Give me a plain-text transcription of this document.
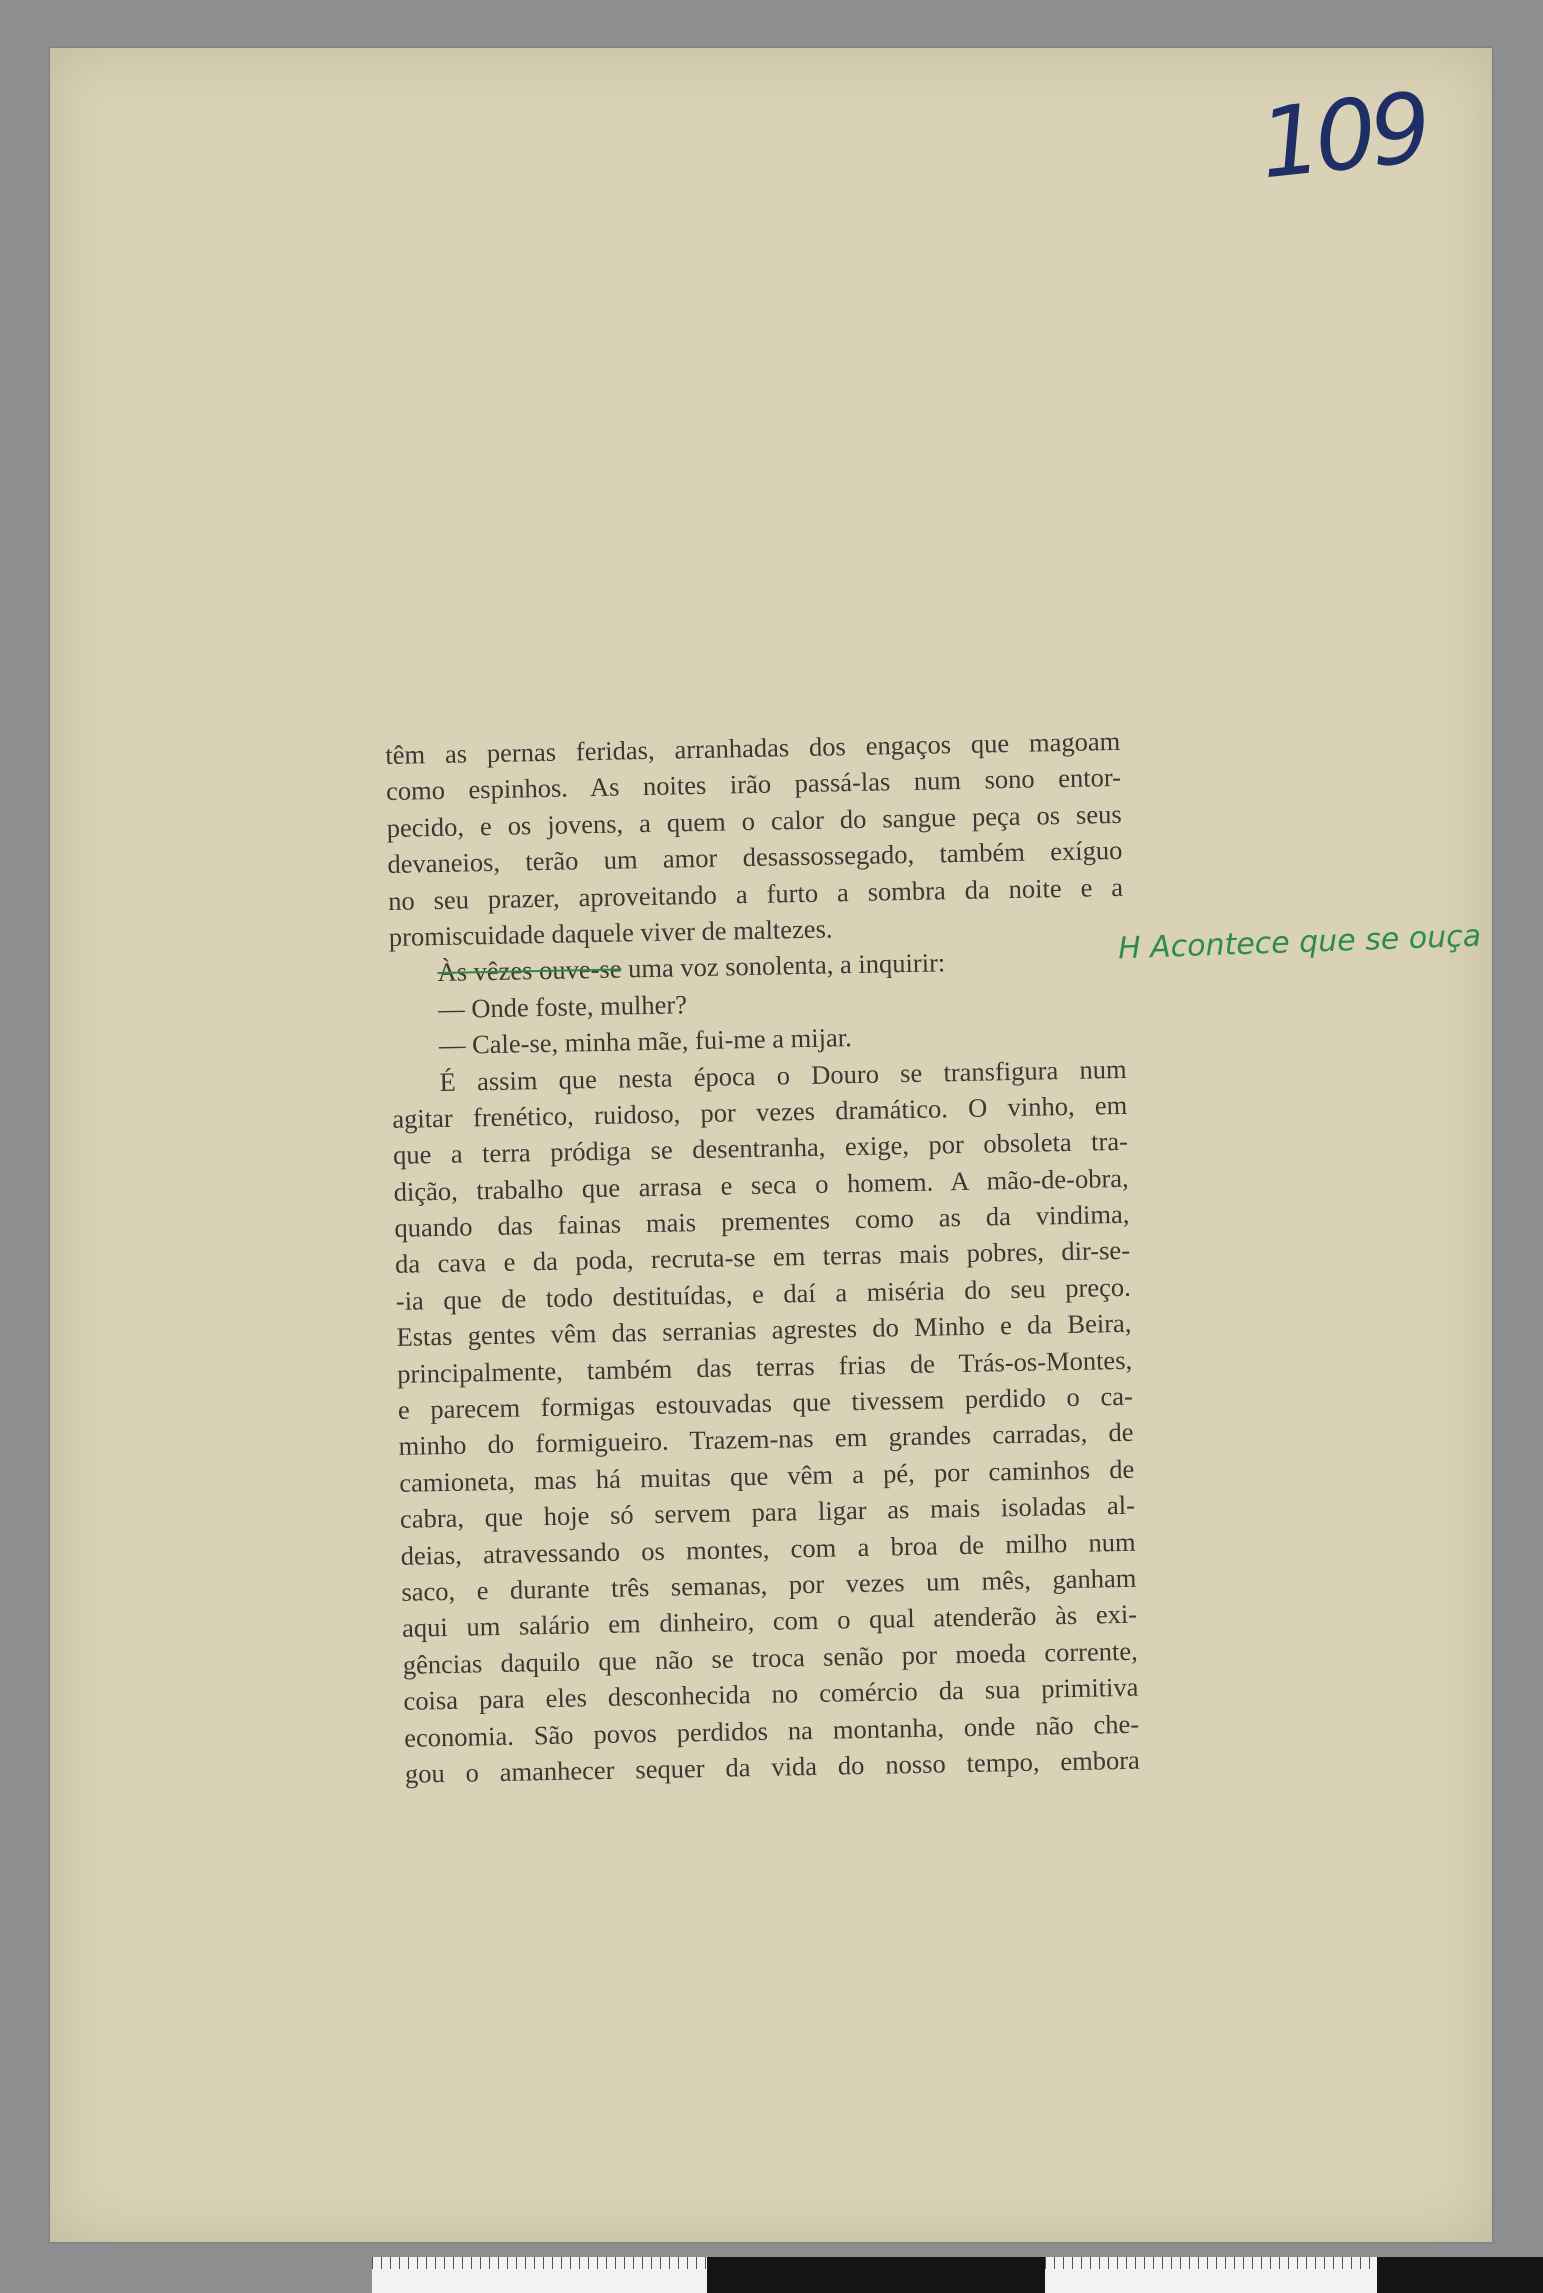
109
H Acontece que se ouça
têm as pernas feridas, arranhadas dos engaços que magoam
como espinhos. As noites irão passá-las num sono entor-
pecido, e os jovens, a quem o calor do sangue peça os seus
devaneios, terão um amor desassossegado, também exíguo
no seu prazer, aproveitando a furto a sombra da noite e a
promiscuidade daquele viver de maltezes.
Às vêzes ouve-se uma voz sonolenta, a inquirir:
— Onde foste, mulher?
— Cale-se, minha mãe, fui-me a mijar.
É assim que nesta época o Douro se transfigura num
agitar frenético, ruidoso, por vezes dramático. O vinho, em
que a terra pródiga se desentranha, exige, por obsoleta tra-
dição, trabalho que arrasa e seca o homem. A mão-de-obra,
quando das fainas mais prementes como as da vindima,
da cava e da poda, recruta-se em terras mais pobres, dir-se-
-ia que de todo destituídas, e daí a miséria do seu preço.
Estas gentes vêm das serranias agrestes do Minho e da Beira,
principalmente, também das terras frias de Trás-os-Montes,
e parecem formigas estouvadas que tivessem perdido o ca-
minho do formigueiro. Trazem-nas em grandes carradas, de
camioneta, mas há muitas que vêm a pé, por caminhos de
cabra, que hoje só servem para ligar as mais isoladas al-
deias, atravessando os montes, com a broa de milho num
saco, e durante três semanas, por vezes um mês, ganham
aqui um salário em dinheiro, com o qual atenderão às exi-
gências daquilo que não se troca senão por moeda corrente,
coisa para eles desconhecida no comércio da sua primitiva
economia. São povos perdidos na montanha, onde não che-
gou o amanhecer sequer da vida do nosso tempo, embora
